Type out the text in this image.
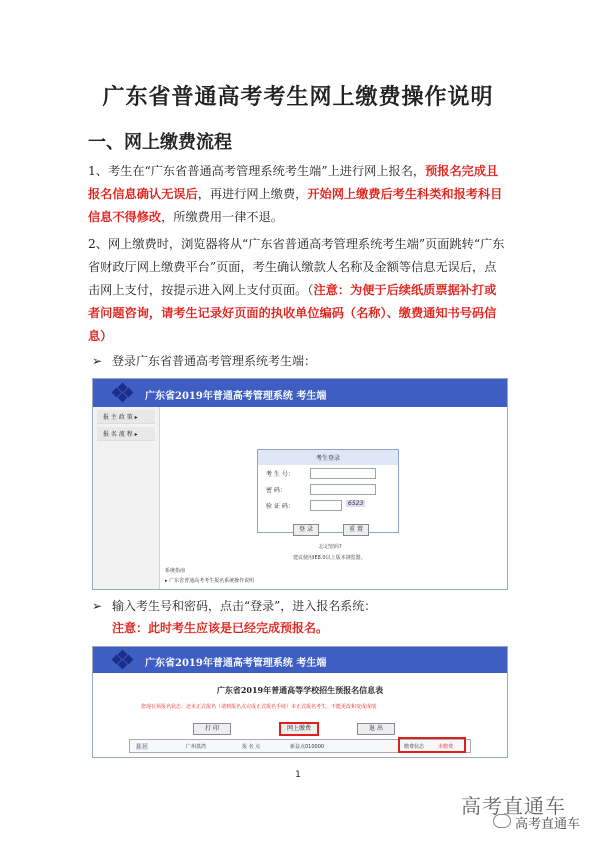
广东省普通高考考生网上缴费操作说明
一、网上缴费流程
1、考生在“广东省普通高考管理系统考生端”上进行网上报名，预报名完成且报名信息确认无误后，再进行网上缴费，开始网上缴费后考生科类和报考科目信息不得修改，所缴费用一律不退。
2、网上缴费时，浏览器将从“广东省普通高考管理系统考生端”页面跳转“广东省财政厅网上缴费平台”页面，考生确认缴款人名称及金额等信息无误后，点击网上支付，按提示进入网上支付页面。（注意：为便于后续纸质票据补打或者问题咨询，请考生记录好页面的执收单位编码（名称）、缴费通知书号码信息）
➢ 登录广东省普通高考管理系统考生端：
广东省2019年普通高考管理系统 考生端
报 主 政 策 ▸
报 名 流 程 ▸
考生登录
考 生 号：
密 码：
验 证 码：	6523
登 录	重 置
忘记密码?
建议使用IE8.0以上版本浏览器。
系统指南
▸ 广东省普通高考考生报名系统操作说明
➢ 输入考生号和密码，点击“登录”，进入报名系统：
注意：此时考生应该是已经完成预报名。
广东省2019年普通高考管理系统 考生端
广东省2019年普通高等学校招生预报名信息表
您现在预报名状态：还未正式报名（请到报名点完成正式报名手续）本正式报名考生，不能更改和变成成绩
打 印	网上缴费	退 出
县 区	广州荔湾	报 名 点	新益点010000	缴费状态	未缴费
1
高考直通车
高考直通车
